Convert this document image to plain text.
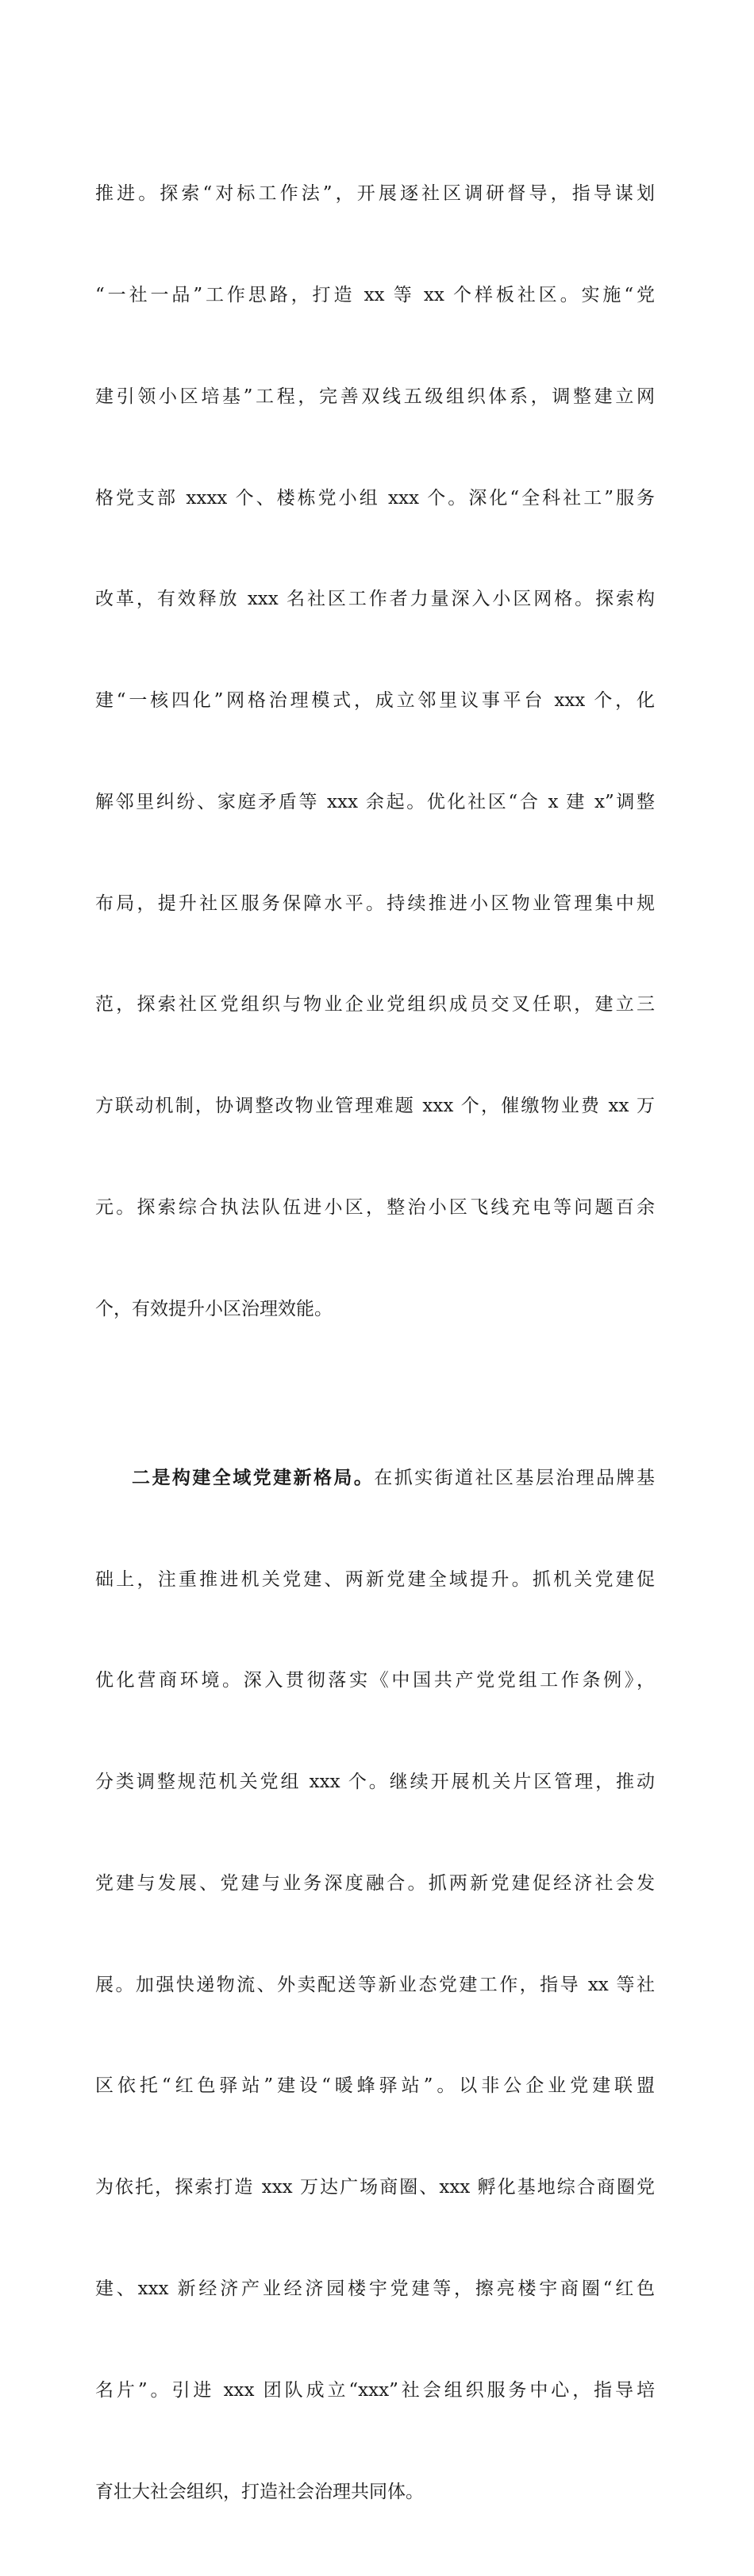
推进。探索“对标工作法”，开展逐社区调研督导，指导谋划

“一社一品”工作思路，打造 xx 等 xx 个样板社区。实施“党

建引领小区培基”工程，完善双线五级组织体系，调整建立网

格党支部 xxxx 个、楼栋党小组 xxx 个。深化“全科社工”服务

改革，有效释放 xxx 名社区工作者力量深入小区网格。探索构

建“一核四化”网格治理模式，成立邻里议事平台 xxx 个，化

解邻里纠纷、家庭矛盾等 xxx 余起。优化社区“合 x 建 x”调整

布局，提升社区服务保障水平。持续推进小区物业管理集中规

范，探索社区党组织与物业企业党组织成员交叉任职，建立三

方联动机制，协调整改物业管理难题 xxx 个，催缴物业费 xx 万

元。探索综合执法队伍进小区，整治小区飞线充电等问题百余

个，有效提升小区治理效能。

二是构建全域党建新格局。在抓实街道社区基层治理品牌基

础上，注重推进机关党建、两新党建全域提升。抓机关党建促

优化营商环境。深入贯彻落实《中国共产党党组工作条例》，

分类调整规范机关党组 xxx 个。继续开展机关片区管理，推动

党建与发展、党建与业务深度融合。抓两新党建促经济社会发

展。加强快递物流、外卖配送等新业态党建工作，指导 xx 等社

区依托“红色驿站”建设“暖蜂驿站”。以非公企业党建联盟

为依托，探索打造 xxx 万达广场商圈、xxx 孵化基地综合商圈党

建、xxx 新经济产业经济园楼宇党建等，擦亮楼宇商圈“红色

名片”。引进 xxx 团队成立“xxx”社会组织服务中心，指导培

育壮大社会组织，打造社会治理共同体。
